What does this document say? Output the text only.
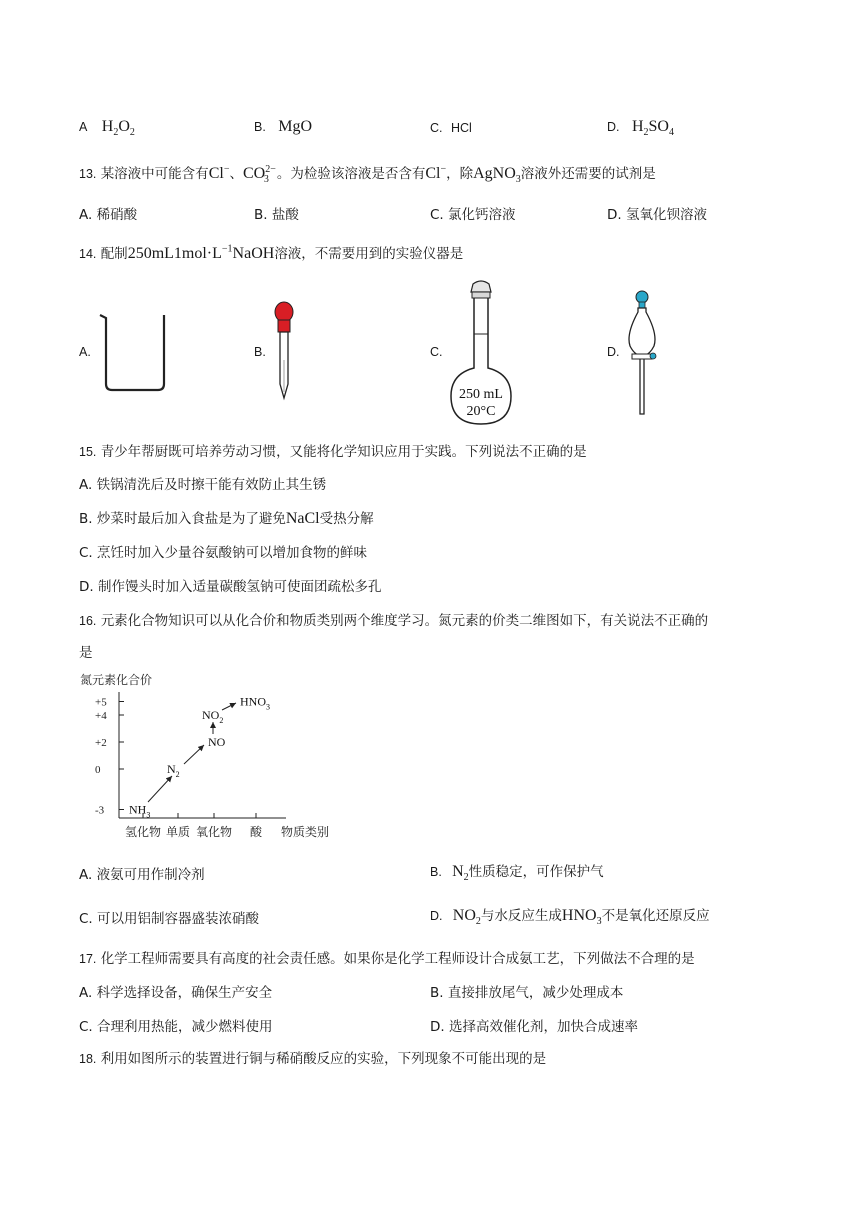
A $H_2O_2$	B. MgO	C. HCl	D. $H_2SO_4$
13. 某溶液中可能含有Cl−、$CO^{2-}_3$ 。为检验该溶液是否含有Cl−，除AgNO$_3$溶液外还需要的试剂是
A. 稀硝酸	B. 盐酸	C. 氯化钙溶液	D. 氢氧化钡溶液
14. 配制$250mL1mol\cdot L^{-1}NaOH$溶液，不需要用到的实验仪器是
A.	B.	C.
250 mL
20°C
D.
15. 青少年帮厨既可培养劳动习惯，又能将化学知识应用于实践。下列说法不正确的是
A. 铁锅清洗后及时擦干能有效防止其生锈
B. 炒菜时最后加入食盐是为了避免NaCl受热分解
C. 烹饪时加入少量谷氨酸钠可以增加食物的鲜味
D. 制作馒头时加入适量碳酸氢钠可使面团疏松多孔
16. 元素化合物知识可以从化合价和物质类别两个维度学习。氮元素的价类二维图如下，有关说法不正确的
是
氮元素化合价
+5
+4
+2
0
-3
氢化物 单质 氧化物 酸
$NH_3$
$N_2$
NO
$NO_2$
$HNO_3$
物质类别
A. 液氨可用作制冷剂	B. $N_2$性质稳定，可作保护气
C. 可以用铝制容器盛装浓硝酸	D. $NO_2$与水反应生成$HNO_3$不是氧化还原反应
17. 化学工程师需要具有高度的社会责任感。如果你是化学工程师设计合成氨工艺，下列做法不合理的是
A. 科学选择设备，确保生产安全	B. 直接排放尾气，减少处理成本
C. 合理利用热能，减少燃料使用	D. 选择高效催化剂，加快合成速率
18. 利用如图所示的装置进行铜与稀硝酸反应的实验，下列现象不可能出现的是
